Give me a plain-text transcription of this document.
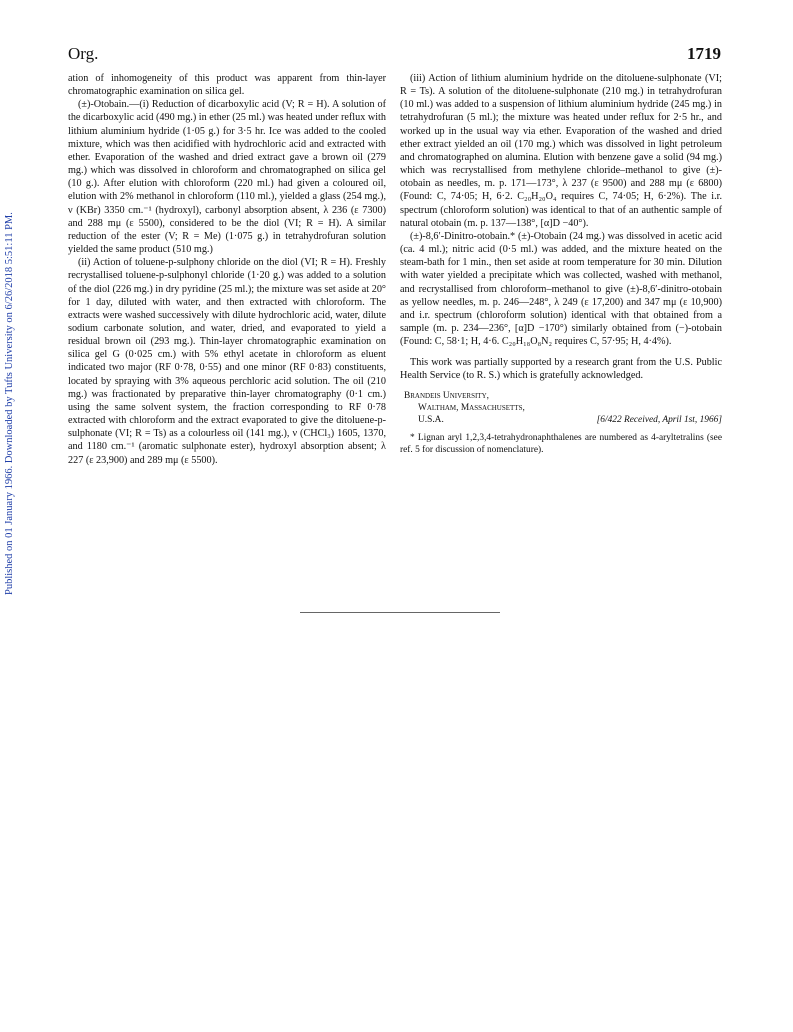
Org.	1719
Published on 01 January 1966. Downloaded by Tufts University on 6/26/2018 5:51:11 PM.

ation of inhomogeneity of this product was apparent from thin-layer chromatographic examination on silica gel.

(±)-Otobain.—(i) Reduction of dicarboxylic acid (V; R = H). A solution of the dicarboxylic acid (490 mg.) in ether (25 ml.) was heated under reflux with lithium aluminium hydride (1·05 g.) for 3·5 hr. Ice was added to the cooled mixture, which was then acidified with hydrochloric acid and extracted with ether. Evaporation of the washed and dried extract gave a brown oil (279 mg.) which was dissolved in chloroform and chromatographed on silica gel (10 g.). After elution with chloroform (220 ml.) had given a coloured oil, elution with 2% methanol in chloroform (110 ml.), yielded a glass (254 mg.), ν (KBr) 3350 cm.⁻¹ (hydroxyl), carbonyl absorption absent, λ 236 (ε 7300) and 288 mμ (ε 5500), considered to be the diol (VI; R = H). A similar reduction of the ester (V; R = Me) (1·075 g.) in tetrahydrofuran solution yielded the same product (510 mg.)

(ii) Action of toluene-p-sulphony chloride on the diol (VI; R = H). Freshly recrystallised toluene-p-sulphonyl chloride (1·20 g.) was added to a solution of the diol (226 mg.) in dry pyridine (25 ml.); the mixture was set aside at 20° for 1 day, diluted with water, and then extracted with chloroform. The extracts were washed successively with dilute hydrochloric acid, water, dilute sodium carbonate solution, and water, dried, and evaporated to yield a residual brown oil (293 mg.). Thin-layer chromatographic examination on silica gel G (0·025 cm.) with 5% ethyl acetate in chloroform as eluent indicated two major (RF 0·78, 0·55) and one minor (RF 0·83) constituents, located by spraying with 3% aqueous perchloric acid solution. The oil (210 mg.) was fractionated by preparative thin-layer chromatography (0·1 cm.) using the same solvent system, the fraction corresponding to RF 0·78 extracted with chloroform and the extract evaporated to give the ditoluene-p-sulphonate (VI; R = Ts) as a colourless oil (141 mg.), ν (CHCl₃) 1605, 1370, and 1180 cm.⁻¹ (aromatic sulphonate ester), hydroxyl absorption absent; λ 227 (ε 23,900) and 289 mμ (ε 5500).

(iii) Action of lithium aluminium hydride on the ditoluene-sulphonate (VI; R = Ts). A solution of the ditoluene-sulphonate (210 mg.) in tetrahydrofuran (10 ml.) was added to a suspension of lithium aluminium hydride (245 mg.) in tetrahydrofuran (5 ml.); the mixture was heated under reflux for 2·5 hr., and worked up in the usual way via ether. Evaporation of the washed and dried ether extract yielded an oil (170 mg.) which was dissolved in light petroleum and chromatographed on alumina. Elution with benzene gave a solid (94 mg.) which was recrystallised from methylene chloride–methanol to give (±)-otobain as needles, m. p. 171—173°, λ 237 (ε 9500) and 288 mμ (ε 6800) (Found: C, 74·05; H, 6·2. C₂₀H₂₀O₄ requires C, 74·05; H, 6·2%). The i.r. spectrum (chloroform solution) was identical to that of an authentic sample of natural otobain (m. p. 137—138°, [α]D −40°).

(±)-8,6′-Dinitro-otobain.* (±)-Otobain (24 mg.) was dissolved in acetic acid (ca. 4 ml.); nitric acid (0·5 ml.) was added, and the mixture heated on the steam-bath for 1 min., then set aside at room temperature for 30 min. Dilution with water yielded a precipitate which was collected, washed with methanol, and recrystallised from chloroform–methanol to give (±)-8,6′-dinitro-otobain as yellow needles, m. p. 246—248°, λ 249 (ε 17,200) and 347 mμ (ε 10,900) and i.r. spectrum (chloroform solution) identical with that obtained from a sample (m. p. 234—236°, [α]D −170°) similarly obtained from (−)-otobain (Found: C, 58·1; H, 4·6. C₂₀H₁₈O₈N₂ requires C, 57·95; H, 4·4%).

This work was partially supported by a research grant from the U.S. Public Health Service (to R. S.) which is gratefully acknowledged.

Brandeis University,
Waltham, Massachusetts,
U.S.A.	[6/422 Received, April 1st, 1966]
* Lignan aryl 1,2,3,4-tetrahydronaphthalenes are numbered as 4-aryltetralins (see ref. 5 for discussion of nomenclature).
